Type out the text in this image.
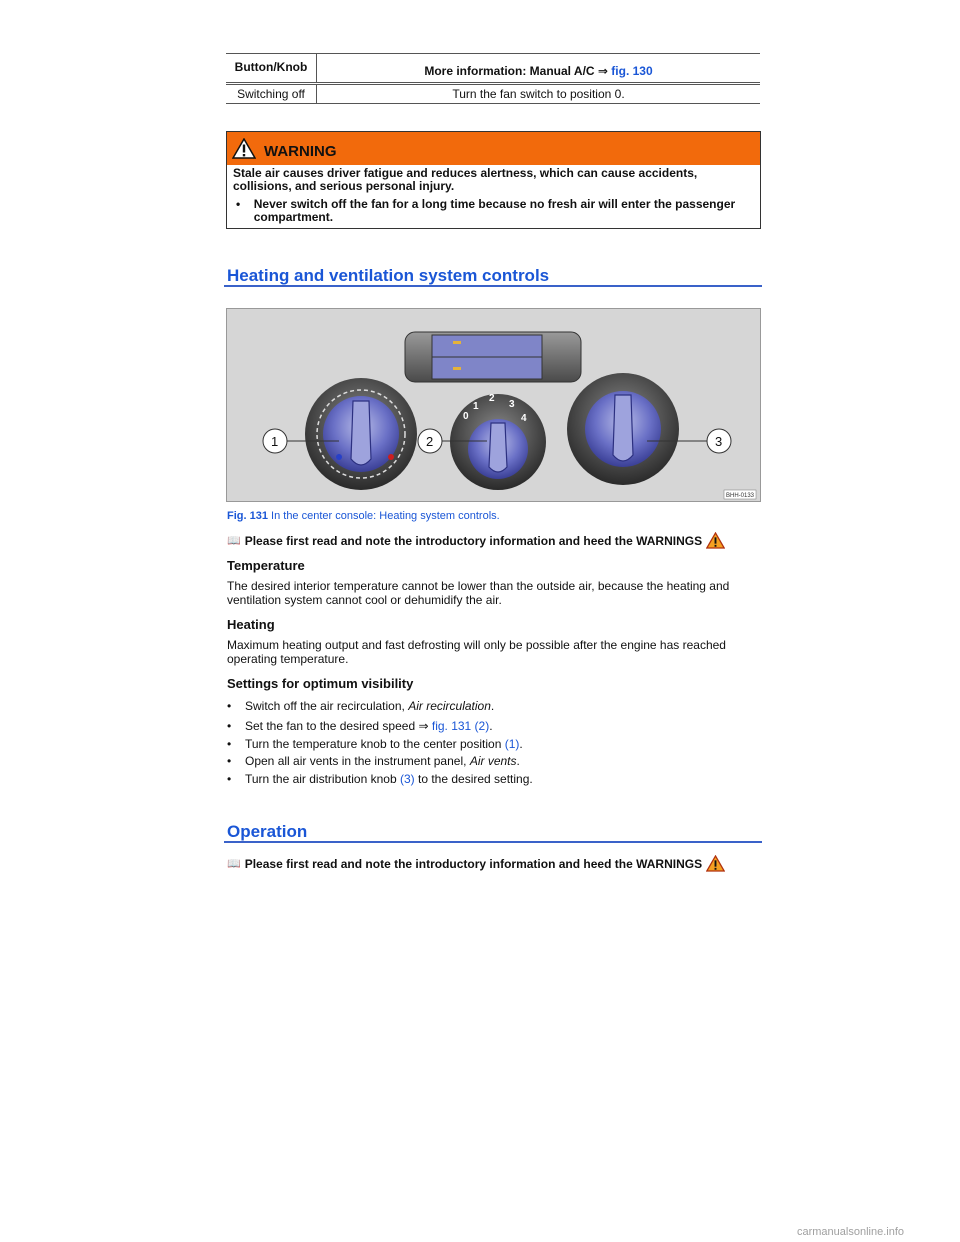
Button/Knob	More information: Manual A/C ⇒ fig. 130
Switching off	Turn the fan switch to position 0.
WARNING

Stale air causes driver fatigue and reduces alertness, which can cause accidents, collisions, and serious personal injury.

•	Never switch off the fan for a long time because no fresh air will enter the passenger compartment.

Heating and ventilation system controls
0
1
2
3
4
1	2	3
BHH-0133
Fig. 131 In the center console: Heating system controls.
📖 Please first read and note the introductory information and heed the WARNINGS
Temperature
The desired interior temperature cannot be lower than the outside air, because the heating and ventilation system cannot cool or dehumidify the air.
Heating
Maximum heating output and fast defrosting will only be possible after the engine has reached operating temperature.
Settings for optimum visibility
•	Switch off the air recirculation, Air recirculation.
•	Set the fan to the desired speed ⇒ fig. 131 (2).
•	Turn the temperature knob to the center position (1).
•	Open all air vents in the instrument panel, Air vents.
•	Turn the air distribution knob (3) to the desired setting.
Operation
📖 Please first read and note the introductory information and heed the WARNINGS
carmanualsonline.info
